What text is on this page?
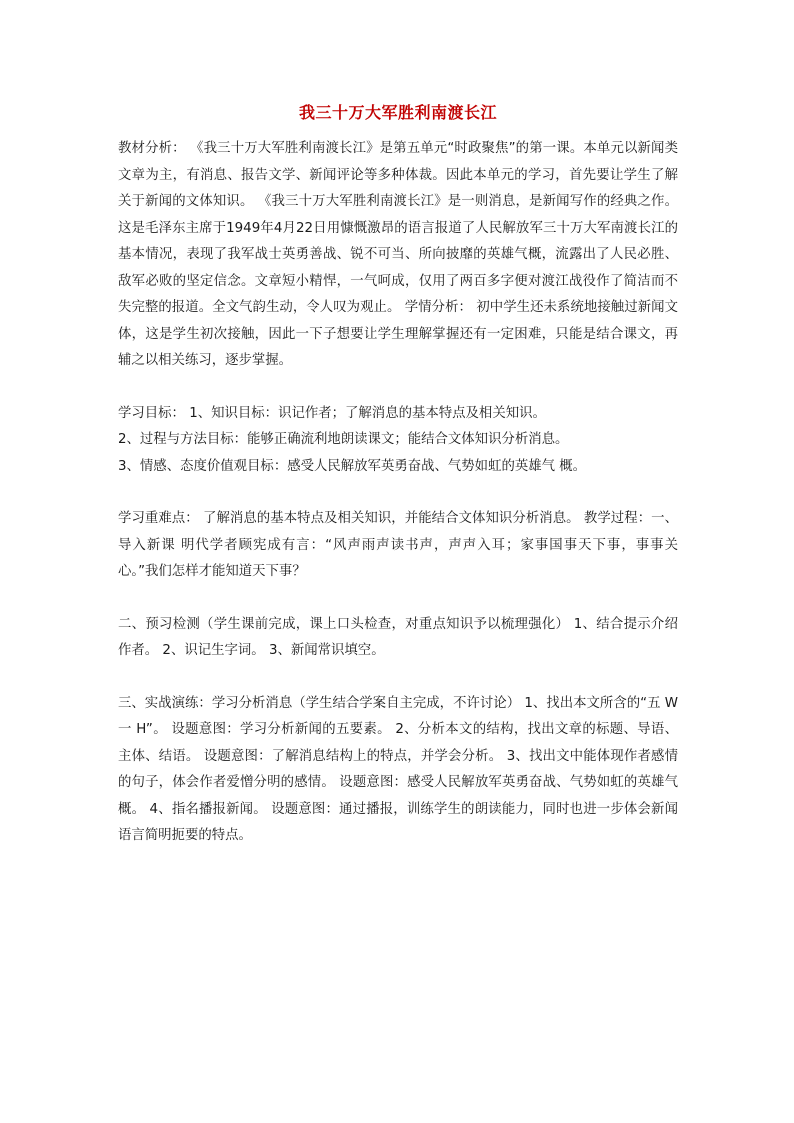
我三十万大军胜利南渡长江

教材分析： 《我三十万大军胜利南渡长江》是第五单元“时政聚焦”的第一课。本单元以新闻类文章为主，有消息、报告文学、新闻评论等多种体裁。因此本单元的学习，首先要让学生了解关于新闻的文体知识。 《我三十万大军胜利南渡长江》是一则消息，是新闻写作的经典之作。这是毛泽东主席于1949年4月22日用慷慨激昂的语言报道了人民解放军三十万大军南渡长江的基本情况，表现了我军战士英勇善战、锐不可当、所向披靡的英雄气概，流露出了人民必胜、敌军必败的坚定信念。文章短小精悍，一气呵成，仅用了两百多字便对渡江战役作了简洁而不失完整的报道。全文气韵生动，令人叹为观止。 学情分析： 初中学生还未系统地接触过新闻文体，这是学生初次接触，因此一下子想要让学生理解掌握还有一定困难，只能是结合课文，再辅之以相关练习，逐步掌握。

学习目标： 1、知识目标：识记作者；了解消息的基本特点及相关知识。

2、过程与方法目标：能够正确流利地朗读课文；能结合文体知识分析消息。

3、情感、态度价值观目标：感受人民解放军英勇奋战、气势如虹的英雄气 概。

学习重难点： 了解消息的基本特点及相关知识，并能结合文体知识分析消息。 教学过程：一、导入新课 明代学者顾宪成有言：“风声雨声读书声，声声入耳；家事国事天下事，事事关心。”我们怎样才能知道天下事？

二、预习检测（学生课前完成，课上口头检查，对重点知识予以梳理强化） 1、结合提示介绍作者。 2、识记生字词。 3、新闻常识填空。

三、实战演练：学习分析消息（学生结合学案自主完成，不许讨论） 1、找出本文所含的“五 W 一 H”。 设题意图：学习分析新闻的五要素。 2、分析本文的结构，找出文章的标题、导语、主体、结语。 设题意图：了解消息结构上的特点，并学会分析。 3、找出文中能体现作者感情的句子，体会作者爱憎分明的感情。 设题意图：感受人民解放军英勇奋战、气势如虹的英雄气概。 4、指名播报新闻。 设题意图：通过播报，训练学生的朗读能力，同时也进一步体会新闻语言简明扼要的特点。
